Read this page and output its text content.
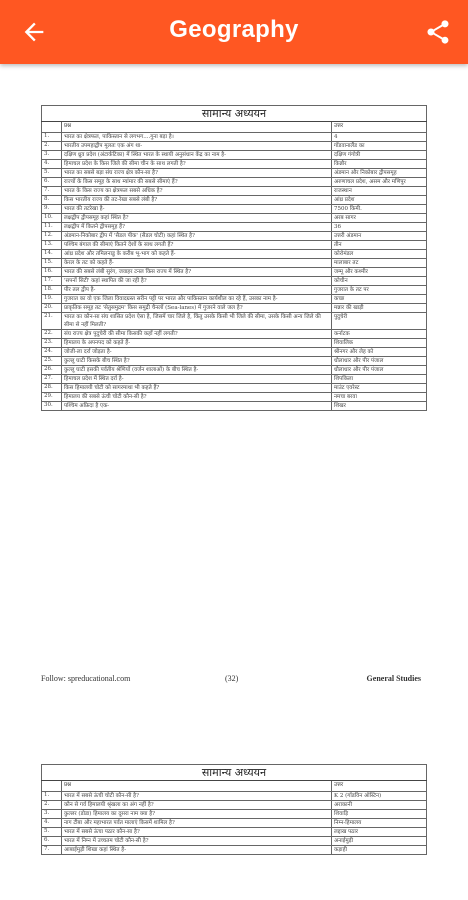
Geography
सामान्य अध्ययन		
	प्रश्न	उत्तर
1.	भारत का क्षेत्रफल, पाकिस्तान से लगभग....गुना बड़ा है।	4
2.	भारतीय उपमहाद्वीप मूलतः एक अंग था-	गोंडवानालैंड का
3.	दक्षिण ध्रुव प्रदेश (अंटार्कटिका) में स्थित भारत के स्थायी अनुसंधान केंद्र का नाम है-	दक्षिण गंगोत्री
4.	हिमाचल प्रदेश के किस जिले की सीमा चीन के साथ लगती है?	किन्नौर
5.	भारत का सबसे बड़ा संघ राज्य क्षेत्र कौन-सा है?	अंडमान और निकोबार द्वीपसमूह
6.	राज्यों के किस समूह के साथ म्यांमार की सबसे सीमाएं हैं?	अरुणाचल प्रदेश, असम और मणिपुर
7.	भारत के किस राज्य का क्षेत्रफल सबसे अधिक है?	राजस्थान
8.	किस भारतीय राज्य की तट-रेखा सबसे लंबी है?	आंध्र प्रदेश
9.	भारत की तटरेखा है-	7500 किमी.
10.	लक्षद्वीप द्वीपसमूह कहां स्थित है?	अरब सागर
11.	लक्षद्वीप में कितने द्वीपसमूह हैं?	36
12.	अंडमान-निकोबार द्वीप में 'सैडल पीक' (सैडल चोटी) कहां स्थित है?	उत्तरी अंडमान
13.	पश्चिम बंगाल की सीमाएं कितने देशों के साथ लगती हैं?	तीन
14.	आंध्र प्रदेश और तमिलनाडु के करीब भू-भाग को कहते हैं-	कोरोमंडल
15.	केरल के तट को कहते हैं-	मालाबार तट
16.	भारत की सबसे लंबी सुरंग, जवाहर टनल किस राज्य में स्थित है?	जम्मू और कश्मीर
17.	'सपनों सिटी' कहां स्थापित की जा रही है?	कोचीन
18.	पीर तल द्वीप है-	गुजरात के तट पर
19.	गुजरात का वो एक जिला विवादग्रस्त सरीन पट्टी पर भारत और पाकिस्तान कार्यशील का रहे हैं, उसका नाम है-	कच्छ
20.	प्राकृतिक समूह तट 'सेतुसमुद्रम' किस समुद्री चैनलों (Sea-lanes) में गुजरने वाले जल है?	मन्नार की खाड़ी
21.	भारत का कौन-सा संघ शासित प्रदेश ऐसा है, जिसमें चार जिले है, किंतु उसके किसी भी जिले की सीमा, उसके किसी अन्य जिले की सीमा से नहीं मिलती?	पुदुचेरी
22.	संघ राज्य क्षेत्र पुदुचेरी की सीमा किसकी कहाँ नहीं लगती?	कर्नाटक
23.	हिमालय के अपनपद को कहते हैं-	शिवालिक
24.	जोजी-ला दर्रा जोड़ता है-	श्रीनगर और लेह को
25.	कुल्लू घाटी किसके बीच स्थित है?	धौलाधार और पीर पंजाल
26.	कुल्लू घाटी इसकी पर्वतीय श्रेणियों (वर्जन शालाओं) के बीच स्थित है-	धौलाधार और पीर पंजाल
27.	हिमाचल प्रदेश में स्थित दर्रा है-	शिपकिला
28.	किस हिमालयी चोटी को सागरमाथा भी कहते हैं?	माउंट एवरेस्ट
29.	हिमालय की सबसे ऊंची चोटी कौन-सी है?	नमचा बरवा
30.	पश्चिम अफ्रिदा है एक-	शिखर
Follow: spreducational.com	(32)	General Studies
सामान्य अध्ययन		
	प्रश्न	उत्तर
1.	भारत में सबसे ऊंची चोटी कौन-सी है?	K 2 (गॉडविन ऑस्टिन)
2.	कौन से गर्व हिमालयी श्रृंखला का अंग नहीं है?	अराकानी
3.	कुल्लर (डोडा) हिमालय का दूसरा नाम क्या है?	शिवाड़ि
4.	नाग टीबा और महाभारत पर्वत मालाएं किसमें शामिल है?	निम्न-हिमालय
5.	भारत में सबसे ऊंचा पठार कौन-सा है?	लद्दाख पठार
6.	भारत में निम्न में उच्चतम चोटी कौन-सी है?	अनाईमुड़ी
7.	आबाईमुड़ी शिखा कहां स्थित है-	कड़ाही
